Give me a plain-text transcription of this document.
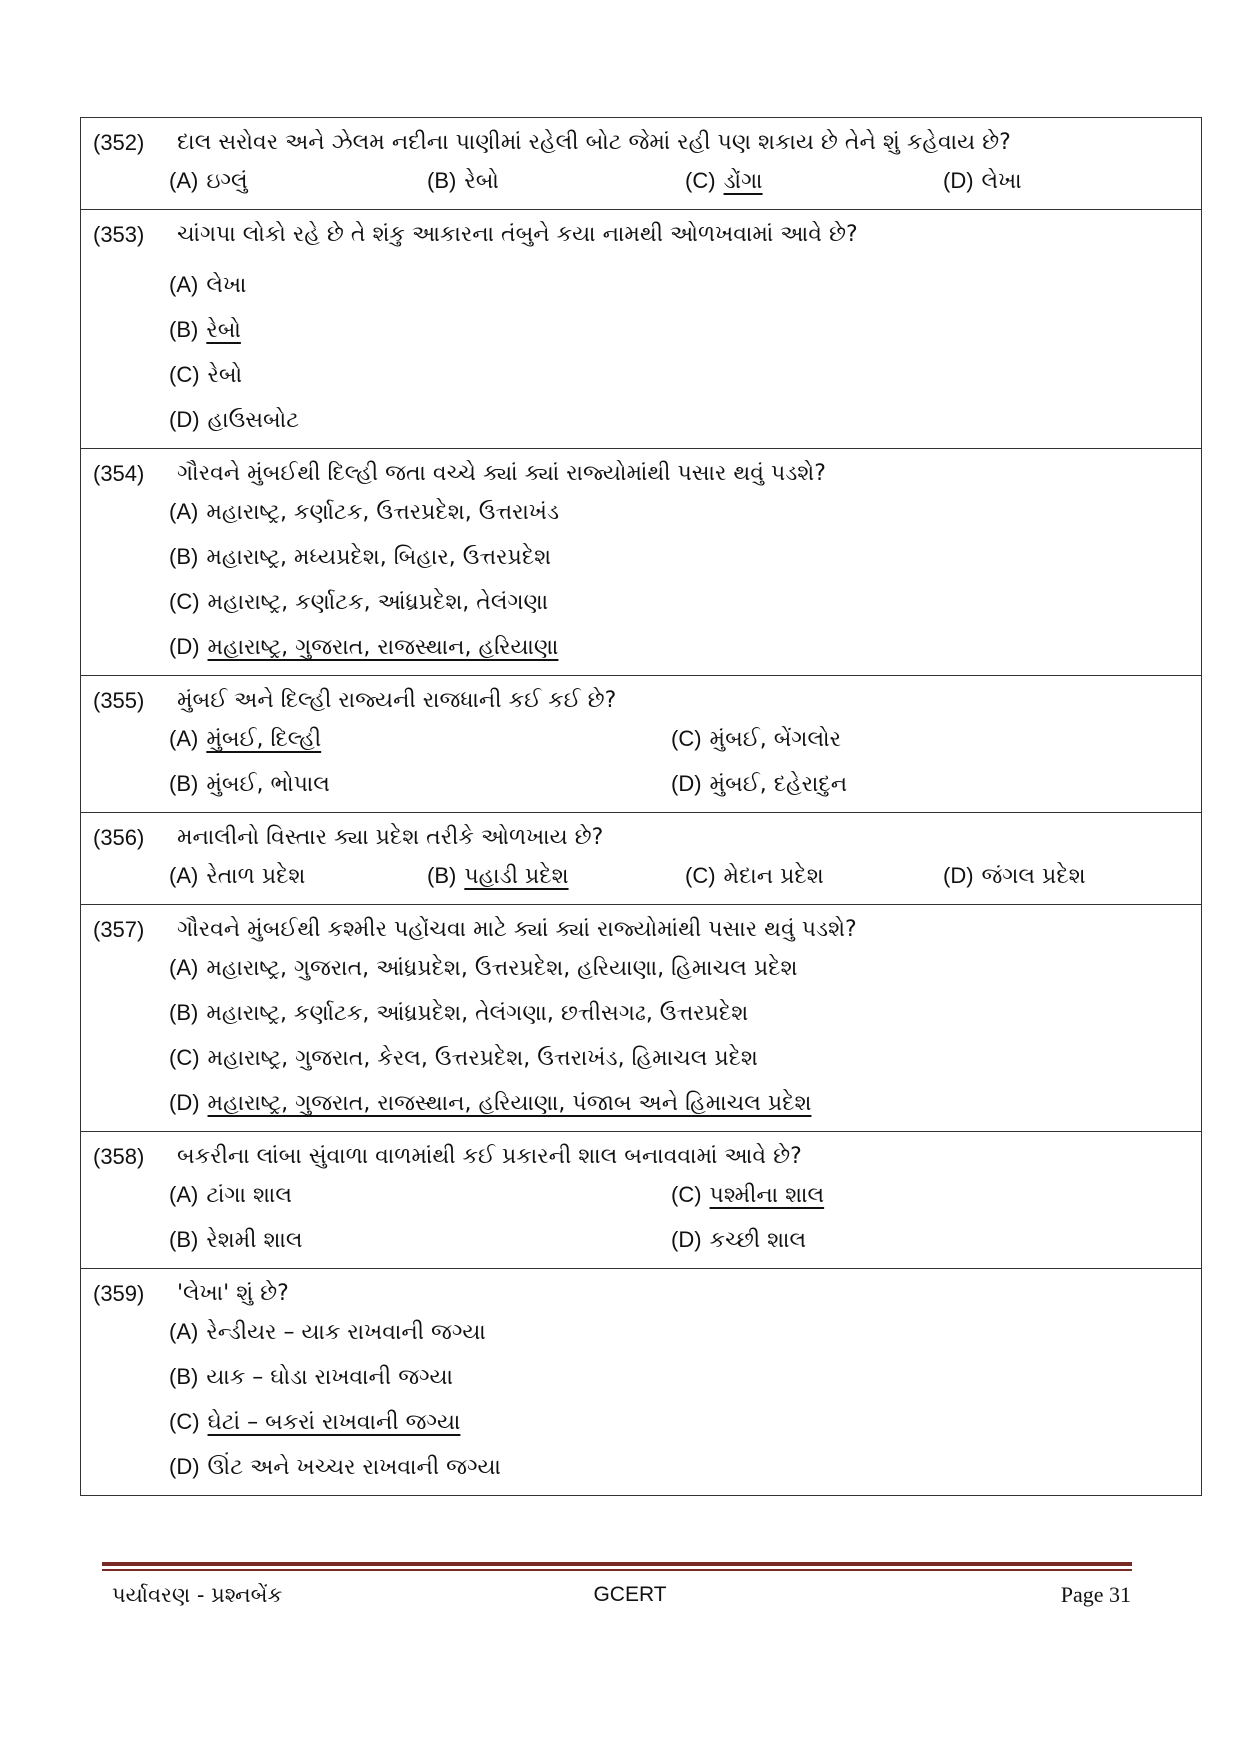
(352)	દાલ સરોવર અને ઝેલમ નદીના પાણીમાં રહેલી બોટ જેમાં રહી પણ શકાય છે તેને શું કહેવાય છે?
(A) ઇગ્લું	(B) રેબો	(C) ડોંગા	(D) લેખા

(353)	ચાંગપા લોકો રહે છે તે શંકુ આકારના તંબુને કયા નામથી ઓળખવામાં આવે છે?
(A) લેખા
(B) રેબો
(C) રેબો
(D) હાઉસબોટ

(354)	ગૌરવને મુંબઈથી દિલ્હી જતા વચ્ચે ક્યાં ક્યાં રાજ્યોમાંથી પસાર થવું પડશે?
(A) મહારાષ્ટ્ર, કર્ણાટક, ઉત્તરપ્રદેશ, ઉત્તરાખંડ
(B) મહારાષ્ટ્ર, મધ્યપ્રદેશ, બિહાર, ઉત્તરપ્રદેશ
(C) મહારાષ્ટ્ર, કર્ણાટક, આંધ્રપ્રદેશ, તેલંગણા
(D) મહારાષ્ટ્ર, ગુજરાત, રાજસ્થાન, હરિયાણા

(355)	મુંબઈ અને દિલ્હી રાજ્યની રાજધાની કઈ કઈ છે?
(A) મુંબઈ, દિલ્હી	(C) મુંબઈ, બેંગલોર
(B) મુંબઈ, ભોપાલ	(D) મુંબઈ, દહેરાદુન

(356)	મનાલીનો વિસ્તાર ક્યા પ્રદેશ તરીકે ઓળખાય છે?
(A) રેતાળ પ્રદેશ	(B) પહાડી પ્રદેશ	(C) મેદાન પ્રદેશ	(D) જંગલ પ્રદેશ

(357)	ગૌરવને મુંબઈથી કશ્મીર પહોંચવા માટે ક્યાં ક્યાં રાજ્યોમાંથી પસાર થવું પડશે?
(A) મહારાષ્ટ્ર, ગુજરાત, આંધ્રપ્રદેશ, ઉત્તરપ્રદેશ, હરિયાણા, હિમાચલ પ્રદેશ
(B) મહારાષ્ટ્ર, કર્ણાટક, આંધ્રપ્રદેશ, તેલંગણા, છત્તીસગઢ, ઉત્તરપ્રદેશ
(C) મહારાષ્ટ્ર, ગુજરાત, કેરલ, ઉત્તરપ્રદેશ, ઉત્તરાખંડ, હિમાચલ પ્રદેશ
(D) મહારાષ્ટ્ર, ગુજરાત, રાજસ્થાન, હરિયાણા, પંજાબ અને હિમાચલ પ્રદેશ

(358)	બકરીના લાંબા સુંવાળા વાળમાંથી કઈ પ્રકારની શાલ બનાવવામાં આવે છે?
(A) ટાંગા શાલ	(C) પશ્મીના શાલ
(B) રેશમી શાલ	(D) કચ્છી શાલ

(359)	'લેખા' શું છે?
(A) રેન્ડીયર – યાક રાખવાની જગ્યા
(B) યાક – ઘોડા રાખવાની જગ્યા
(C) ઘેટાં – બકરાં રાખવાની જગ્યા
(D) ઊંટ અને ખચ્ચર રાખવાની જગ્યા
પર્યાવરણ - પ્રશ્નબેંક	GCERT	Page 31
